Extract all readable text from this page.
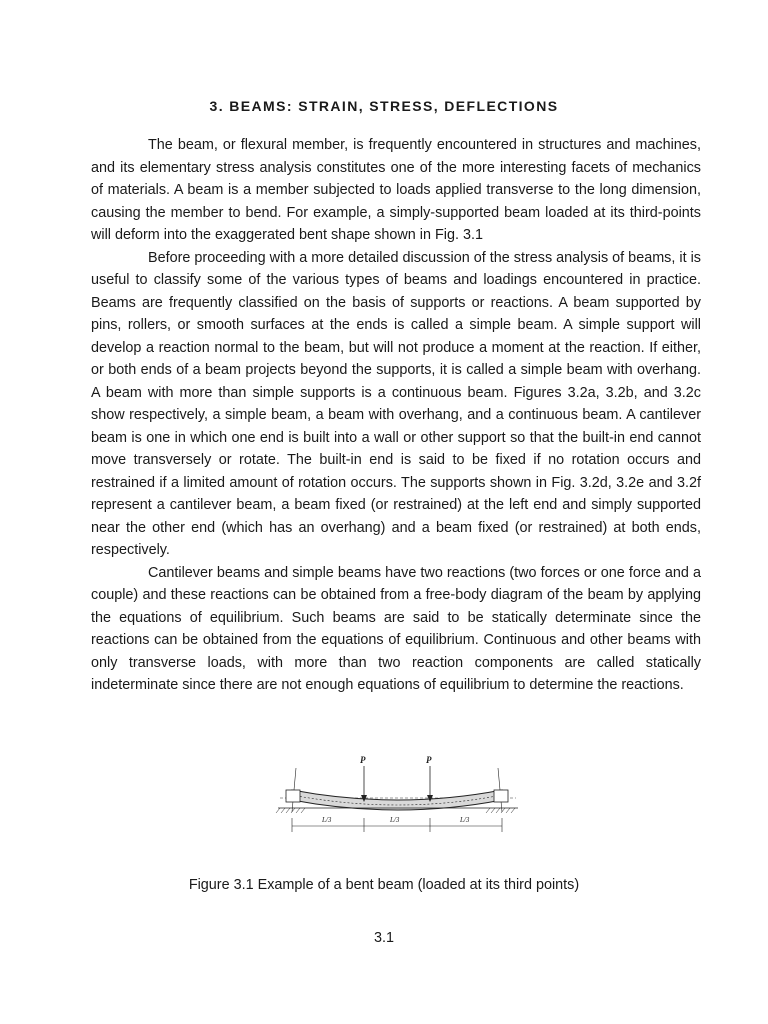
3. BEAMS: STRAIN, STRESS, DEFLECTIONS

The beam, or flexural member, is frequently encountered in structures and machines, and its elementary stress analysis constitutes one of the more interesting facets of mechanics of materials. A beam is a member subjected to loads applied transverse to the long dimension, causing the member to bend. For example, a simply-supported beam loaded at its third-points will deform into the exaggerated bent shape shown in Fig. 3.1

Before proceeding with a more detailed discussion of the stress analysis of beams, it is useful to classify some of the various types of beams and loadings encountered in practice. Beams are frequently classified on the basis of supports or reactions. A beam supported by pins, rollers, or smooth surfaces at the ends is called a simple beam. A simple support will develop a reaction normal to the beam, but will not produce a moment at the reaction. If either, or both ends of a beam projects beyond the supports, it is called a simple beam with overhang. A beam with more than simple supports is a continuous beam. Figures 3.2a, 3.2b, and 3.2c show respectively, a simple beam, a beam with overhang, and a continuous beam. A cantilever beam is one in which one end is built into a wall or other support so that the built-in end cannot move transversely or rotate. The built-in end is said to be fixed if no rotation occurs and restrained if a limited amount of rotation occurs. The supports shown in Fig. 3.2d, 3.2e and 3.2f represent a cantilever beam, a beam fixed (or restrained) at the left end and simply supported near the other end (which has an overhang) and a beam fixed (or restrained) at both ends, respectively.

Cantilever beams and simple beams have two reactions (two forces or one force and a couple) and these reactions can be obtained from a free-body diagram of the beam by applying the equations of equilibrium. Such beams are said to be statically determinate since the reactions can be obtained from the equations of equilibrium. Continuous and other beams with only transverse loads, with more than two reaction components are called statically indeterminate since there are not enough equations of equilibrium to determine the reactions.

P	P
L/3	L/3	L/3
Figure 3.1 Example of a bent beam (loaded at its third points)
3.1
